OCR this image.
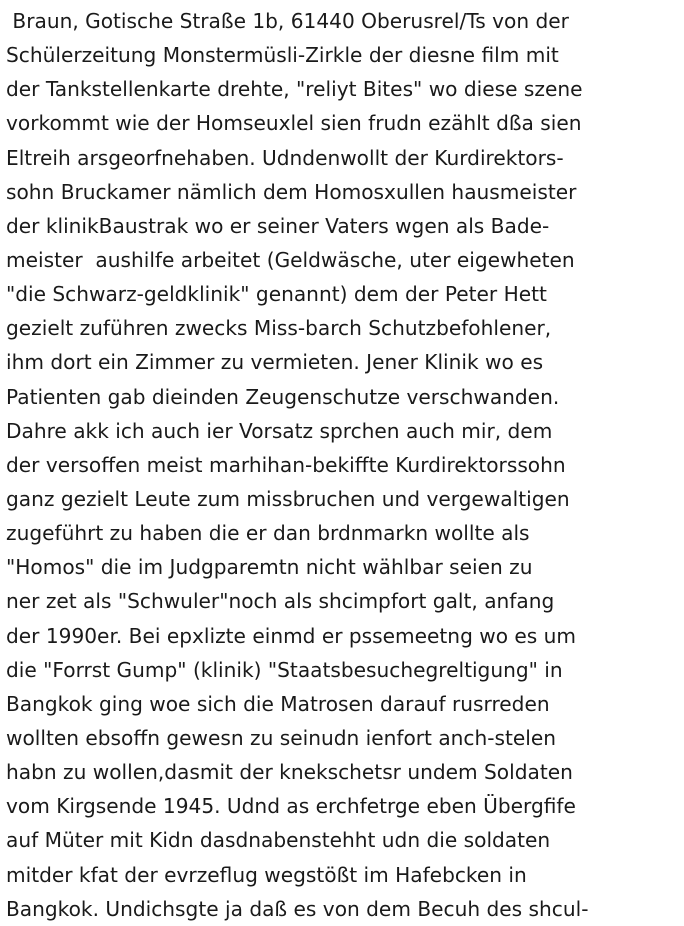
Braun, Gotische Straße 1b, 61440 Oberusrel/Ts von der
Schülerzeitung Monstermüsli-Zirkle der diesne film mit
der Tankstellenkarte drehte, "reliyt Bites" wo diese szene
vorkommt wie der Homseuxlel sien frudn ezählt dßa sien
Eltreih arsgeorfnehaben. Udndenwollt der Kurdirektors-
sohn Bruckamer nämlich dem Homosxullen hausmeister
der klinikBaustrak wo er seiner Vaters wgen als Bade-
meister  aushilfe arbeitet (Geldwäsche, uter eigewheten
"die Schwarz-geldklinik" genannt) dem der Peter Hett
gezielt zuführen zwecks Miss-barch Schutzbefohlener,
ihm dort ein Zimmer zu vermieten. Jener Klinik wo es
Patienten gab dieinden Zeugenschutze verschwanden.
Dahre akk ich auch ier Vorsatz sprchen auch mir, dem
der versoffen meist marhihan-bekiffte Kurdirektorssohn
ganz gezielt Leute zum missbruchen und vergewaltigen
zugeführt zu haben die er dan brdnmarkn wollte als
"Homos" die im Judgparemtn nicht wählbar seien zu
ner zet als "Schwuler"noch als shcimpfort galt, anfang
der 1990er. Bei epxlizte einmd er pssemeetng wo es um
die "Forrst Gump" (klinik) "Staatsbesuchegreltigung" in
Bangkok ging woe sich die Matrosen darauf rusrreden
wollten ebsoffn gewesn zu seinudn ienfort anch-stelen
habn zu wollen,dasmit der knekschetsr undem Soldaten
vom Kirgsende 1945. Udnd as erchfetrge eben Übergfife
auf Müter mit Kidn dasdnabenstehht udn die soldaten
mitder kfat der evrzeflug wegstößt im Hafebcken in
Bangkok. Undichsgte ja daß es von dem Becuh des shcul-
